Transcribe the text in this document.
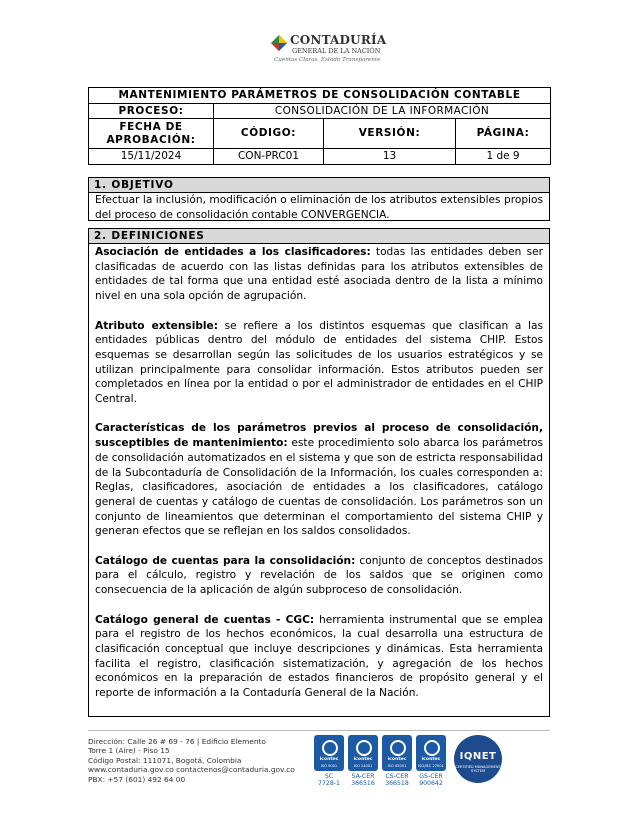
CONTADURÍA
GENERAL DE LA NACIÓN
Cuentas Claras, Estado Transparente
MANTENIMIENTO PARÁMETROS DE CONSOLIDACIÓN CONTABLE			
PROCESO:	CONSOLIDACIÓN DE LA INFORMACIÓN		

FECHA DE
APROBACIÓN:	CÓDIGO:	VERSIÓN:	PÁGINA:
15/11/2024	CON-PRC01	13	1 de 9
1. OBJETIVO
Efectuar la inclusión, modificación o eliminación de los atributos extensibles propios del proceso de consolidación contable CONVERGENCIA.
2. DEFINICIONES

Asociación de entidades a los clasificadores: todas las entidades deben ser clasificadas de acuerdo con las listas definidas para los atributos extensibles de entidades de tal forma que una entidad esté asociada dentro de la lista a mínimo nivel en una sola opción de agrupación.

Atributo extensible: se refiere a los distintos esquemas que clasifican a las entidades públicas dentro del módulo de entidades del sistema CHIP. Estos esquemas se desarrollan según las solicitudes de los usuarios estratégicos y se utilizan principalmente para consolidar información. Estos atributos pueden ser completados en línea por la entidad o por el administrador de entidades en el CHIP Central.

Características de los parámetros previos al proceso de consolidación, susceptibles de mantenimiento: este procedimiento solo abarca los parámetros de consolidación automatizados en el sistema y que son de estricta responsabilidad de la Subcontaduría de Consolidación de la Información, los cuales corresponden a: Reglas, clasificadores, asociación de entidades a los clasificadores, catálogo general de cuentas y catálogo de cuentas de consolidación. Los parámetros son un conjunto de lineamientos que determinan el comportamiento del sistema CHIP y generan efectos que se reflejan en los saldos consolidados.

Catálogo de cuentas para la consolidación: conjunto de conceptos destinados para el cálculo, registro y revelación de los saldos que se originen como consecuencia de la aplicación de algún subproceso de consolidación.

Catálogo general de cuentas - CGC: herramienta instrumental que se emplea para el registro de los hechos económicos, la cual desarrolla una estructura de clasificación conceptual que incluye descripciones y dinámicas. Esta herramienta facilita el registro, clasificación sistematización, y agregación de los hechos económicos en la preparación de estados financieros de propósito general y el reporte de información a la Contaduría General de la Nación.

Dirección: Calle 26 # 69 - 76 | Edificio Elemento
Torre 1 (Aire) - Piso 15
Código Postal: 111071, Bogotá, Colombia
www.contaduria.gov.co contactenos@contaduria.gov.co
PBX: +57 (601) 492 64 00
icontec
ISO 9001
SC
7728-1
icontec
ISO 14001
SA-CER
366516
icontec
ISO 45001
CS-CER
366518
icontec
ISO/IEC 27001
GS-CER
900642
IQNET
CERTIFIED MANAGEMENT SYSTEM
